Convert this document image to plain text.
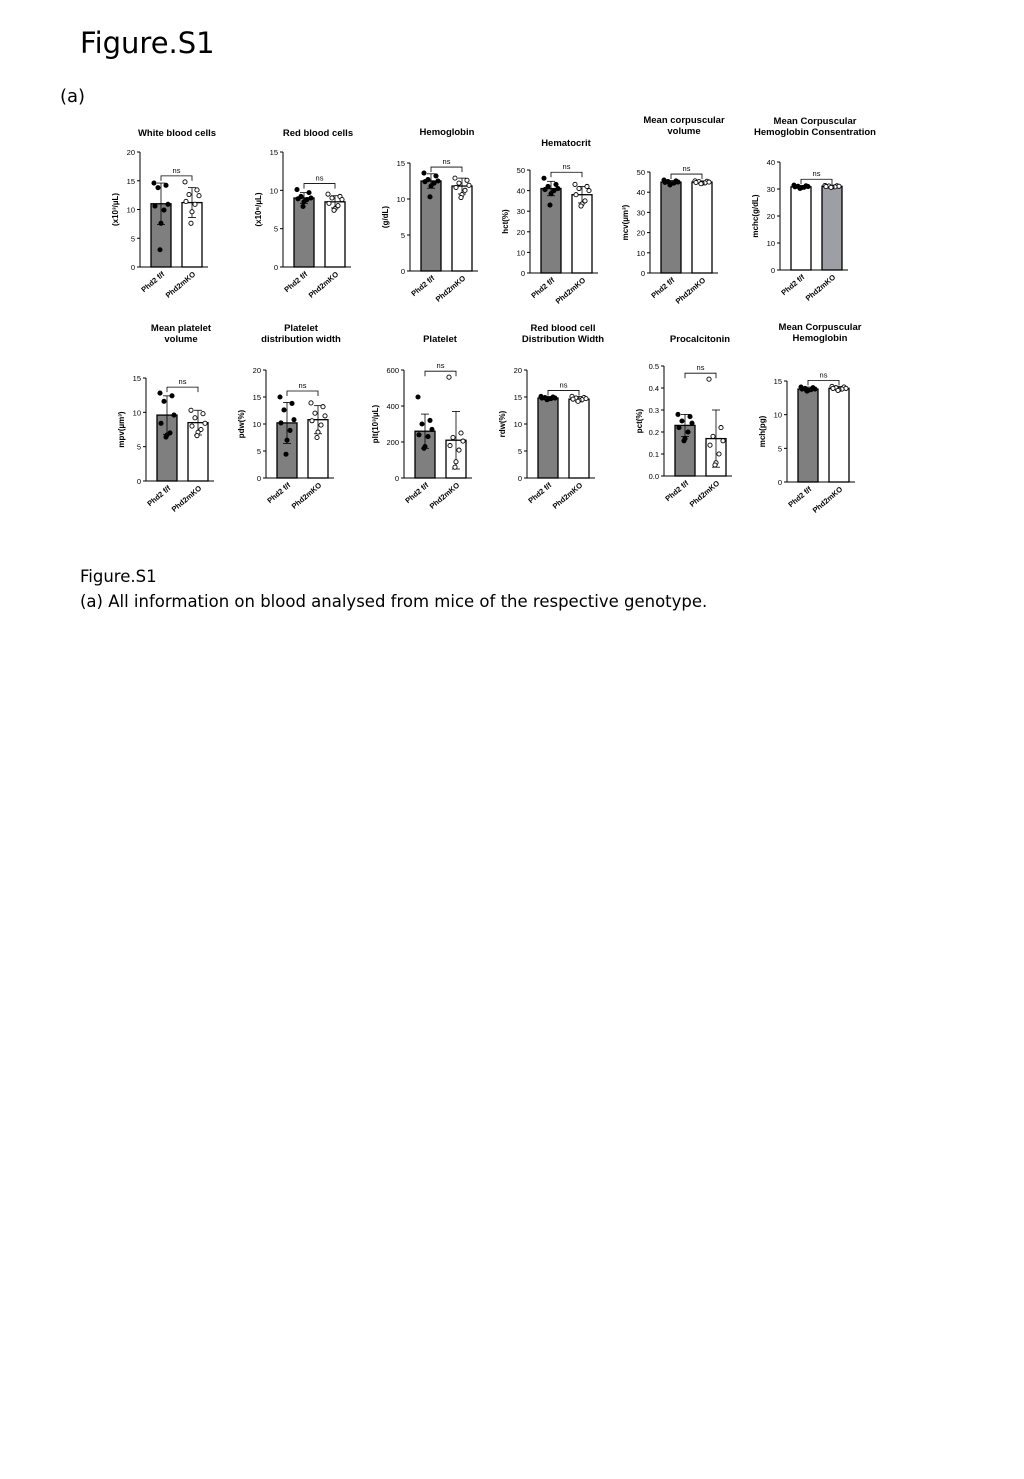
Figure.S1
(a)
White blood cells
0
5
10
15
20
(x10³/µL)
ns
Phd2 f/f
Phd2mKO
Red blood cells
0
5
10
15
(x10⁶/µL)
ns
Phd2 f/f
Phd2mKO
Hemoglobin
0
5
10
15
(g/dL)
ns
Phd2 f/f
Phd2mKO
Hematocrit
0
10
20
30
40
50
hct(%)
ns
Phd2 f/f
Phd2mKO
Mean corpuscular
volume
0
10
20
30
40
50
mcv(µm³)
ns
Phd2 f/f
Phd2mKO
Mean Corpuscular
Hemoglobin Consentration
0
10
20
30
40
mchc(g/dL)
ns
Phd2 f/f
Phd2mKO
Mean platelet
volume
0
5
10
15
mpv(µm³)
ns
Phd2 f/f
Phd2mKO
Platelet
distribution width
0
5
10
15
20
pdw(%)
ns
Phd2 f/f
Phd2mKO
Platelet
0
200
400
600
plt(10³/µL)
ns
Phd2 f/f
Phd2mKO
Red blood cell
Distribution Width
0
5
10
15
20
rdw(%)
ns
Phd2 f/f
Phd2mKO
Procalcitonin
0.0
0.1
0.2
0.3
0.4
0.5
pct(%)
ns
Phd2 f/f
Phd2mKO
Mean Corpuscular
Hemoglobin
0
5
10
15
mch(pg)
ns
Phd2 f/f
Phd2mKO
Figure.S1
(a) All information on blood analysed from mice of the respective genotype.
